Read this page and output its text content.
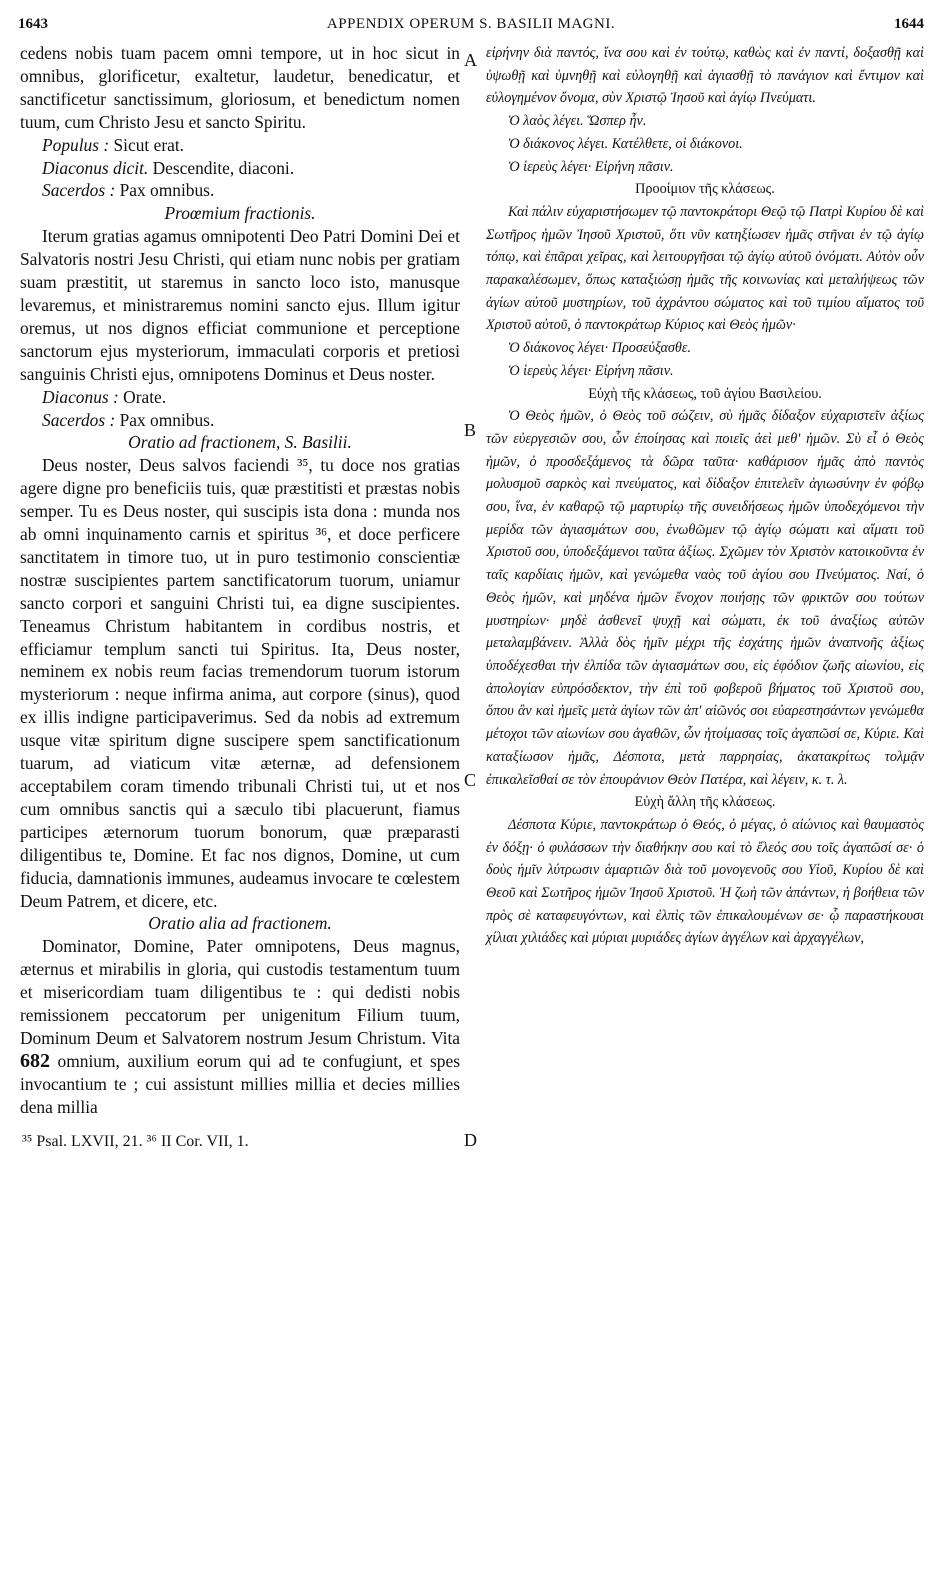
1643	APPENDIX OPERUM S. BASILII MAGNI.	1644

cedens nobis tuam pacem omni tempore, ut in hoc sicut in omnibus, glorificetur, exaltetur, laudetur, benedicatur, et sanctificetur sanctissimum, gloriosum, et benedictum nomen tuum, cum Christo Jesu et sancto Spiritu.

Populus : Sicut erat.

Diaconus dicit. Descendite, diaconi.

Sacerdos : Pax omnibus.

Proœmium fractionis.

Iterum gratias agamus omnipotenti Deo Patri Domini Dei et Salvatoris nostri Jesu Christi, qui etiam nunc nobis per gratiam suam præstitit, ut staremus in sancto loco isto, manusque levaremus, et ministraremus nomini sancto ejus. Illum igitur oremus, ut nos dignos efficiat communione et perceptione sanctorum ejus mysteriorum, immaculati corporis et pretiosi sanguinis Christi ejus, omnipotens Dominus et Deus noster.

Diaconus : Orate.

Sacerdos : Pax omnibus.

Oratio ad fractionem, S. Basilii.

Deus noster, Deus salvos faciendi ³⁵, tu doce nos gratias agere digne pro beneficiis tuis, quæ præstitisti et præstas nobis semper. Tu es Deus noster, qui suscipis ista dona : munda nos ab omni inquinamento carnis et spiritus ³⁶, et doce perficere sanctitatem in timore tuo, ut in puro testimonio conscientiæ nostræ suscipientes partem sanctificatorum tuorum, uniamur sancto corpori et sanguini Christi tui, ea digne suscipientes. Teneamus Christum habitantem in cordibus nostris, et efficiamur templum sancti tui Spiritus. Ita, Deus noster, neminem ex nobis reum facias tremendorum tuorum istorum mysteriorum : neque infirma anima, aut corpore (sinus), quod ex illis indigne participaverimus. Sed da nobis ad extremum usque vitæ spiritum digne suscipere spem sanctificationum tuarum, ad viaticum vitæ æternæ, ad defensionem acceptabilem coram timendo tribunali Christi tui, ut et nos cum omnibus sanctis qui a sæculo tibi placuerunt, fiamus participes æternorum tuorum bonorum, quæ præparasti diligentibus te, Domine. Et fac nos dignos, Domine, ut cum fiducia, damnationis immunes, audeamus invocare te cœlestem Deum Patrem, et dicere, etc.

Oratio alia ad fractionem.

Dominator, Domine, Pater omnipotens, Deus magnus, æternus et mirabilis in gloria, qui custodis testamentum tuum et misericordiam tuam diligentibus te : qui dedisti nobis remissionem peccatorum per unigenitum Filium tuum, Dominum Deum et Salvatorem nostrum Jesum Christum. Vita 682 omnium, auxilium eorum qui ad te confugiunt, et spes invocantium te ; cui assistunt millies millia et decies millies dena millia

εἰρήνην διὰ παντός, ἵνα σου καὶ ἐν τούτῳ, καθὼς καὶ ἐν παντί, δοξασθῇ καὶ ὑψωθῇ καὶ ὑμνηθῇ καὶ εὐλογηθῇ καὶ ἁγιασθῇ τὸ πανάγιον καὶ ἔντιμον καὶ εὐλογημένον ὄνομα, σὺν Χριστῷ Ἰησοῦ καὶ ἁγίῳ Πνεύματι.

Ὁ λαὸς λέγει. Ὥσπερ ἦν.

Ὁ διάκονος λέγει. Κατέλθετε, οἱ διάκονοι.

Ὁ ἱερεὺς λέγει· Εἰρήνη πᾶσιν.

Προοίμιον τῆς κλάσεως.

Καὶ πάλιν εὐχαριστήσωμεν τῷ παντοκράτορι Θεῷ τῷ Πατρὶ Κυρίου δὲ καὶ Σωτῆρος ἡμῶν Ἰησοῦ Χριστοῦ, ὅτι νῦν κατηξίωσεν ἡμᾶς στῆναι ἐν τῷ ἁγίῳ τόπῳ, καὶ ἐπᾶραι χεῖρας, καὶ λειτουργῆσαι τῷ ἁγίῳ αὐτοῦ ὀνόματι. Αὐτὸν οὖν παρακαλέσωμεν, ὅπως καταξιώσῃ ἡμᾶς τῆς κοινωνίας καὶ μεταλήψεως τῶν ἁγίων αὐτοῦ μυστηρίων, τοῦ ἀχράντου σώματος καὶ τοῦ τιμίου αἵματος τοῦ Χριστοῦ αὐτοῦ, ὁ παντοκράτωρ Κύριος καὶ Θεὸς ἡμῶν·

Ὁ διάκονος λέγει· Προσεύξασθε.

Ὁ ἱερεὺς λέγει· Εἰρήνη πᾶσιν.

Εὐχὴ τῆς κλάσεως, τοῦ ἁγίου Βασιλείου.

Ὁ Θεὸς ἡμῶν, ὁ Θεὸς τοῦ σώζειν, σὺ ἡμᾶς δίδαξον εὐχαριστεῖν ἀξίως τῶν εὐεργεσιῶν σου, ὧν ἐποίησας καὶ ποιεῖς ἀεὶ μεθ' ἡμῶν. Σὺ εἶ ὁ Θεὸς ἡμῶν, ὁ προσδεξάμενος τὰ δῶρα ταῦτα· καθάρισον ἡμᾶς ἀπὸ παντὸς μολυσμοῦ σαρκὸς καὶ πνεύματος, καὶ δίδαξον ἐπιτελεῖν ἁγιωσύνην ἐν φόβῳ σου, ἵνα, ἐν καθαρῷ τῷ μαρτυρίῳ τῆς συνειδήσεως ἡμῶν ὑποδεχόμενοι τὴν μερίδα τῶν ἁγιασμάτων σου, ἑνωθῶμεν τῷ ἁγίῳ σώματι καὶ αἵματι τοῦ Χριστοῦ σου, ὑποδεξάμενοι ταῦτα ἀξίως. Σχῶμεν τὸν Χριστὸν κατοικοῦντα ἐν ταῖς καρδίαις ἡμῶν, καὶ γενώμεθα ναὸς τοῦ ἁγίου σου Πνεύματος. Ναί, ὁ Θεὸς ἡμῶν, καὶ μηδένα ἡμῶν ἔνοχον ποιήσῃς τῶν φρικτῶν σου τούτων μυστηρίων· μηδὲ ἀσθενεῖ ψυχῇ καὶ σώματι, ἐκ τοῦ ἀναξίως αὐτῶν μεταλαμβάνειν. Ἀλλὰ δὸς ἡμῖν μέχρι τῆς ἐσχάτης ἡμῶν ἀναπνοῆς ἀξίως ὑποδέχεσθαι τὴν ἐλπίδα τῶν ἁγιασμάτων σου, εἰς ἐφόδιον ζωῆς αἰωνίου, εἰς ἀπολογίαν εὐπρόσδεκτον, τὴν ἐπὶ τοῦ φοβεροῦ βήματος τοῦ Χριστοῦ σου, ὅπου ἂν καὶ ἡμεῖς μετὰ ἁγίων τῶν ἀπ' αἰῶνός σοι εὐαρεστησάντων γενώμεθα μέτοχοι τῶν αἰωνίων σου ἀγαθῶν, ὧν ἡτοίμασας τοῖς ἀγαπῶσί σε, Κύριε. Καὶ καταξίωσον ἡμᾶς, Δέσποτα, μετὰ παρρησίας, ἀκατακρίτως τολμᾷν ἐπικαλεῖσθαί σε τὸν ἐπουράνιον Θεὸν Πατέρα, καὶ λέγειν, κ. τ. λ.

Εὐχὴ ἄλλη τῆς κλάσεως.

Δέσποτα Κύριε, παντοκράτωρ ὁ Θεός, ὁ μέγας, ὁ αἰώνιος καὶ θαυμαστὸς ἐν δόξῃ· ὁ φυλάσσων τὴν διαθήκην σου καὶ τὸ ἔλεός σου τοῖς ἀγαπῶσί σε· ὁ δοὺς ἡμῖν λύτρωσιν ἁμαρτιῶν διὰ τοῦ μονογενοῦς σου Υἱοῦ, Κυρίου δὲ καὶ Θεοῦ καὶ Σωτῆρος ἡμῶν Ἰησοῦ Χριστοῦ. Ἡ ζωὴ τῶν ἁπάντων, ἡ βοήθεια τῶν πρὸς σὲ καταφευγόντων, καὶ ἐλπὶς τῶν ἐπικαλουμένων σε· ᾧ παραστήκουσι χίλιαι χιλιάδες καὶ μύριαι μυριάδες ἁγίων ἀγγέλων καὶ ἀρχαγγέλων,

A
B
C
D
³⁵ Psal. LXVII, 21. ³⁶ II Cor. VII, 1.
